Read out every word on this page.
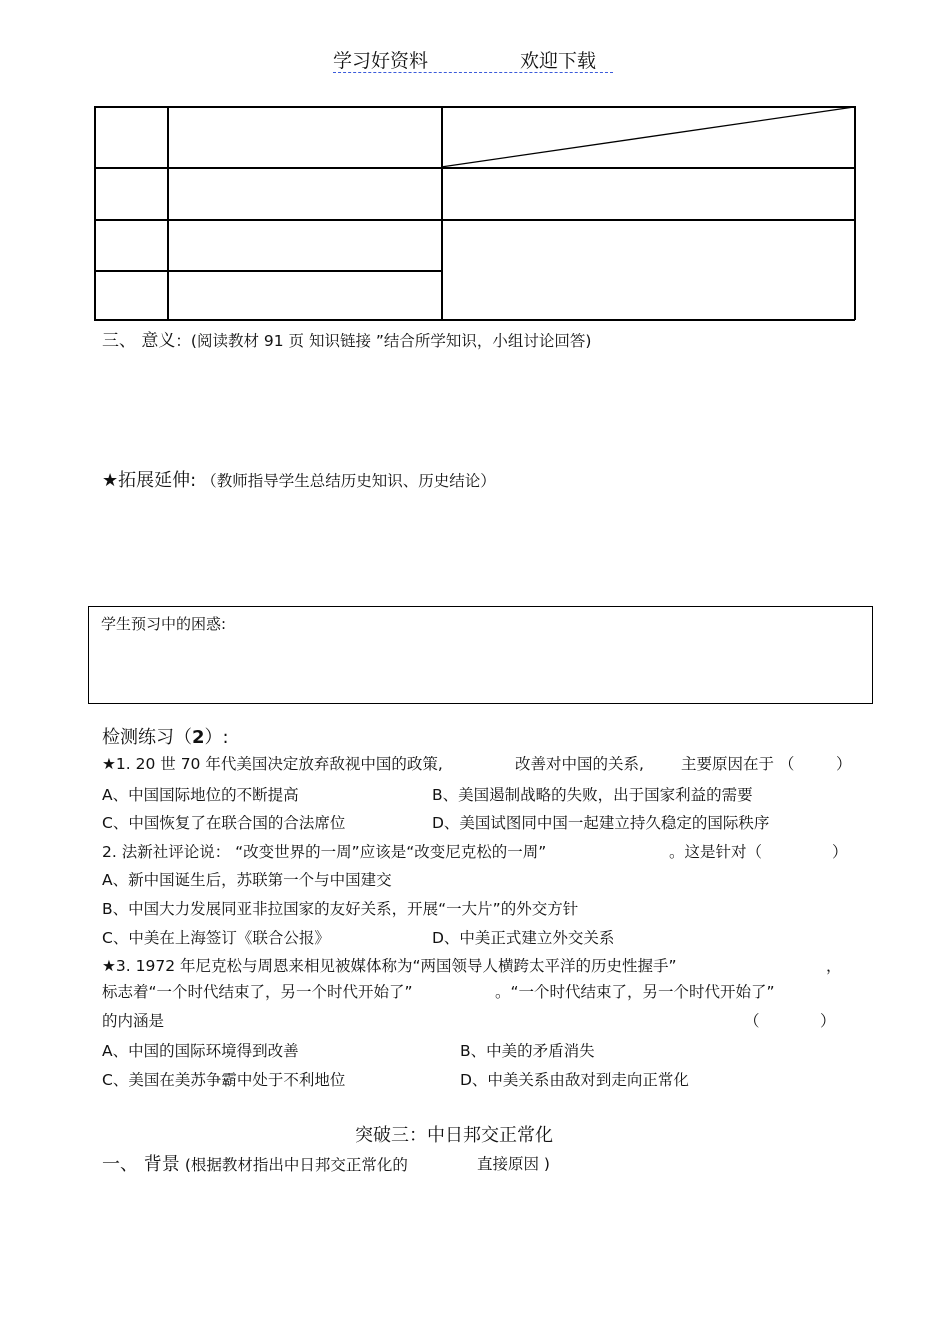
学习好资料	欢迎下载
三、 意义：(阅读教材 91 页 知识链接 ”结合所学知识，小组讨论回答)
★拓展延伸: （教师指导学生总结历史知识、历史结论）
学生预习中的困惑:
检测练习（2）:
★1. 20 世 70 年代美国决定放弃敌视中国的政策,	改善对中国的关系, 主要原因在于 （	）
A、中国国际地位的不断提高	B、美国遏制战略的失败，出于国家利益的需要
C、中国恢复了在联合国的合法席位	D、美国试图同中国一起建立持久稳定的国际秩序
2. 法新社评论说： “改变世界的一周”应该是“改变尼克松的一周”	。这是针对（	）
A、新中国诞生后，苏联第一个与中国建交
B、中国大力发展同亚非拉国家的友好关系，开展“一大片”的外交方针
C、中美在上海签订《联合公报》	D、中美正式建立外交关系
★3. 1972 年尼克松与周恩来相见被媒体称为“两国领导人横跨太平洋的历史性握手”	，
标志着“一个时代结束了，另一个时代开始了”	。“一个时代结束了，另一个时代开始了”
的内涵是	（	）
A、中国的国际环境得到改善	B、中美的矛盾消失
C、美国在美苏争霸中处于不利地位	D、中美关系由敌对到走向正常化
突破三：中日邦交正常化
一、 背景 (根据教材指出中日邦交正常化的	直接原因 )
